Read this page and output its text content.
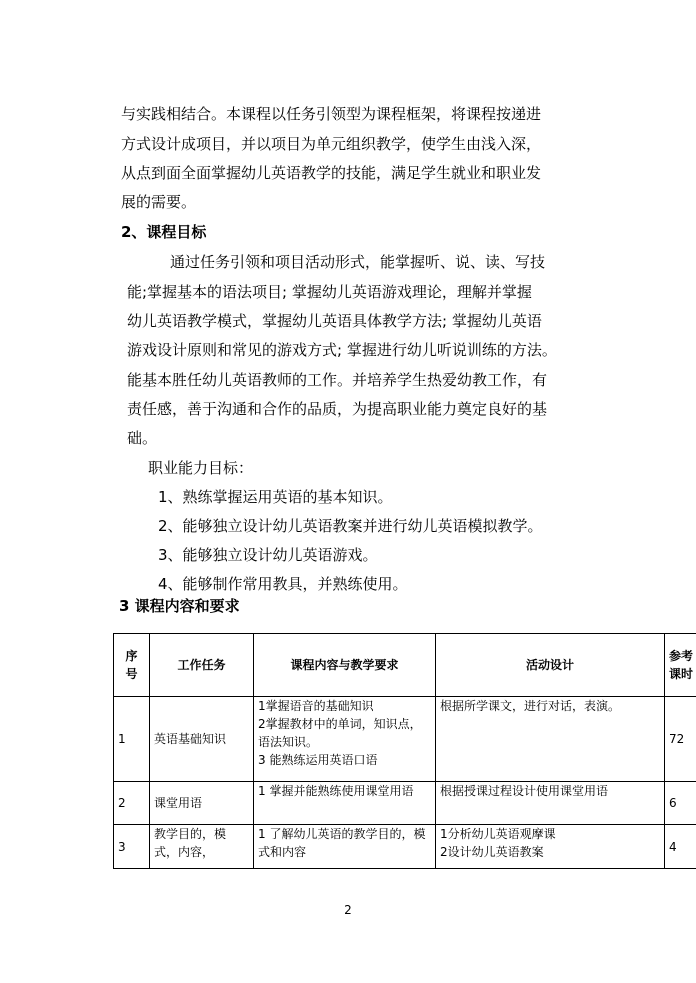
与实践相结合。本课程以任务引领型为课程框架，将课程按递进
方式设计成项目，并以项目为单元组织教学，使学生由浅入深，
从点到面全面掌握幼儿英语教学的技能，满足学生就业和职业发
展的需要。
2、课程目标
通过任务引领和项目活动形式，能掌握听、说、读、写技
能;掌握基本的语法项目; 掌握幼儿英语游戏理论，理解并掌握
幼儿英语教学模式，掌握幼儿英语具体教学方法; 掌握幼儿英语
游戏设计原则和常见的游戏方式; 掌握进行幼儿听说训练的方法。
能基本胜任幼儿英语教师的工作。并培养学生热爱幼教工作，有
责任感，善于沟通和合作的品质，为提高职业能力奠定良好的基
础。
职业能力目标：
1、熟练掌握运用英语的基本知识。
2、能够独立设计幼儿英语教案并进行幼儿英语模拟教学。
3、能够独立设计幼儿英语游戏。
4、能够制作常用教具，并熟练使用。
3 课程内容和要求
序
号	工作任务	课程内容与教学要求	活动设计	参考
课时

1	英语基础知识	1掌握语音的基础知识
2掌握教材中的单词，知识点，语法知识。
3 能熟练运用英语口语	根据所学课文，进行对话，表演。	72
2	课堂用语	1 掌握并能熟练使用课堂用语	根据授课过程设计使用课堂用语	6
3	教学目的，模式，内容，	1 了解幼儿英语的教学目的，模式和内容	1分析幼儿英语观摩课
2设计幼儿英语教案	4
2
